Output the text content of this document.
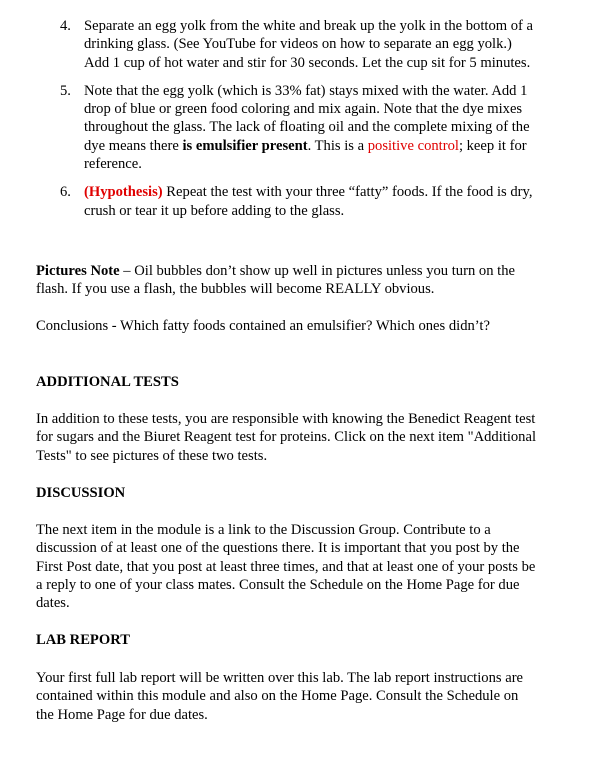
4. Separate an egg yolk from the white and break up the yolk in the bottom of a drinking glass. (See YouTube for videos on how to separate an egg yolk.) Add 1 cup of hot water and stir for 30 seconds. Let the cup sit for 5 minutes.
5. Note that the egg yolk (which is 33% fat) stays mixed with the water. Add 1 drop of blue or green food coloring and mix again. Note that the dye mixes throughout the glass. The lack of floating oil and the complete mixing of the dye means there is emulsifier present. This is a positive control; keep it for reference.
6. (Hypothesis) Repeat the test with your three “fatty” foods. If the food is dry, crush or tear it up before adding to the glass.

Pictures Note – Oil bubbles don’t show up well in pictures unless you turn on the flash. If you use a flash, the bubbles will become REALLY obvious.

Conclusions - Which fatty foods contained an emulsifier? Which ones didn’t?

ADDITIONAL TESTS

In addition to these tests, you are responsible with knowing the Benedict Reagent test for sugars and the Biuret Reagent test for proteins. Click on the next item "Additional Tests" to see pictures of these two tests.

DISCUSSION

The next item in the module is a link to the Discussion Group. Contribute to a discussion of at least one of the questions there. It is important that you post by the First Post date, that you post at least three times, and that at least one of your posts be a reply to one of your class mates. Consult the Schedule on the Home Page for due dates.

LAB REPORT

Your first full lab report will be written over this lab. The lab report instructions are contained within this module and also on the Home Page. Consult the Schedule on the Home Page for due dates.
